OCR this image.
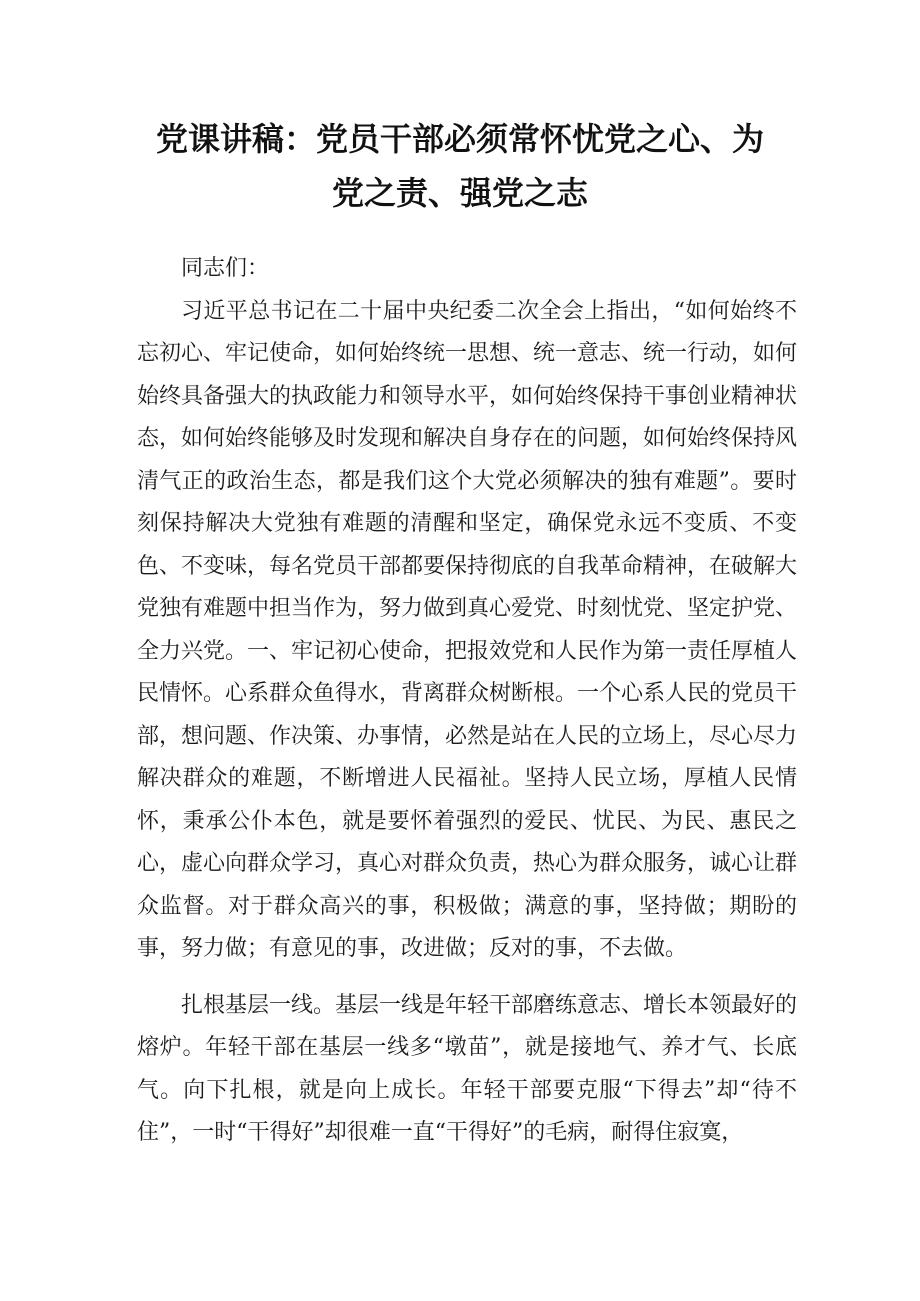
党课讲稿：党员干部必须常怀忧党之心、为
党之责、强党之志

同志们：

习近平总书记在二十届中央纪委二次全会上指出，“如何始终不忘初心、牢记使命，如何始终统一思想、统一意志、统一行动，如何始终具备强大的执政能力和领导水平，如何始终保持干事创业精神状态，如何始终能够及时发现和解决自身存在的问题，如何始终保持风清气正的政治生态，都是我们这个大党必须解决的独有难题”。要时刻保持解决大党独有难题的清醒和坚定，确保党永远不变质、不变色、不变味，每名党员干部都要保持彻底的自我革命精神，在破解大党独有难题中担当作为，努力做到真心爱党、时刻忧党、坚定护党、全力兴党。一、牢记初心使命，把报效党和人民作为第一责任厚植人民情怀。心系群众鱼得水，背离群众树断根。一个心系人民的党员干部，想问题、作决策、办事情，必然是站在人民的立场上，尽心尽力解决群众的难题，不断增进人民福祉。坚持人民立场，厚植人民情怀，秉承公仆本色，就是要怀着强烈的爱民、忧民、为民、惠民之心，虚心向群众学习，真心对群众负责，热心为群众服务，诚心让群众监督。对于群众高兴的事，积极做；满意的事，坚持做；期盼的事，努力做；有意见的事，改进做；反对的事，不去做。

扎根基层一线。基层一线是年轻干部磨练意志、增长本领最好的熔炉。年轻干部在基层一线多“墩苗”，就是接地气、养才气、长底气。向下扎根，就是向上成长。年轻干部要克服“下得去”却“待不住”，一时“干得好”却很难一直“干得好”的毛病，耐得住寂寞，
